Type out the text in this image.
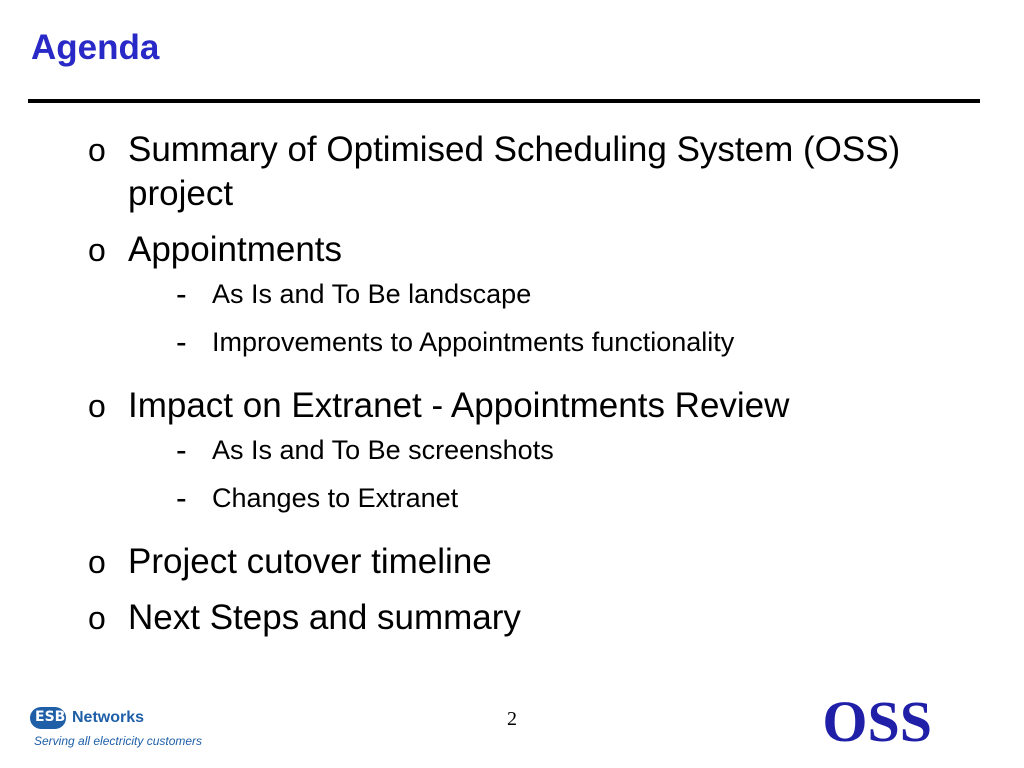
Agenda
o Summary of Optimised Scheduling System (OSS) project
o Appointments
- As Is and To Be landscape
- Improvements to Appointments functionality
o Impact on Extranet - Appointments Review
- As Is and To Be screenshots
- Changes to Extranet
o Project cutover timeline
o Next Steps and summary
ESB Networks
Serving all electricity customers
2	OSS
